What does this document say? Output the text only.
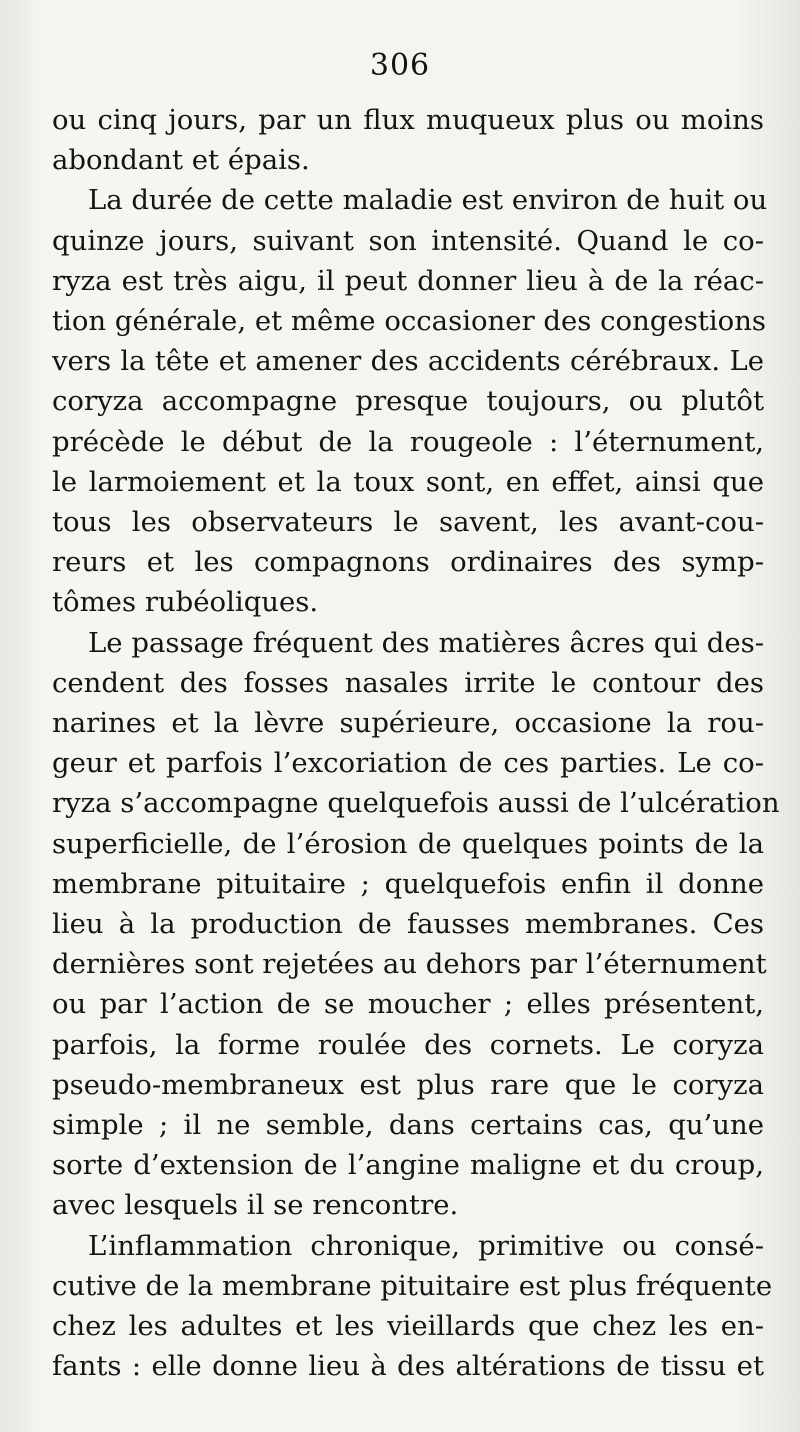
306
ou cinq jours, par un flux muqueux plus ou moins
abondant et épais.
La durée de cette maladie est environ de huit ou
quinze jours, suivant son intensité. Quand le co-
ryza est très aigu, il peut donner lieu à de la réac-
tion générale, et même occasioner des congestions
vers la tête et amener des accidents cérébraux. Le
coryza accompagne presque toujours, ou plutôt
précède le début de la rougeole : l’éternument,
le larmoiement et la toux sont, en effet, ainsi que
tous les observateurs le savent, les avant-cou-
reurs et les compagnons ordinaires des symp-
tômes rubéoliques.
Le passage fréquent des matières âcres qui des-
cendent des fosses nasales irrite le contour des
narines et la lèvre supérieure, occasione la rou-
geur et parfois l’excoriation de ces parties. Le co-
ryza s’accompagne quelquefois aussi de l’ulcération
superficielle, de l’érosion de quelques points de la
membrane pituitaire ; quelquefois enfin il donne
lieu à la production de fausses membranes. Ces
dernières sont rejetées au dehors par l’éternument
ou par l’action de se moucher ; elles présentent,
parfois, la forme roulée des cornets. Le coryza
pseudo-membraneux est plus rare que le coryza
simple ; il ne semble, dans certains cas, qu’une
sorte d’extension de l’angine maligne et du croup,
avec lesquels il se rencontre.
L’inflammation chronique, primitive ou consé-
cutive de la membrane pituitaire est plus fréquente
chez les adultes et les vieillards que chez les en-
fants : elle donne lieu à des altérations de tissu et
